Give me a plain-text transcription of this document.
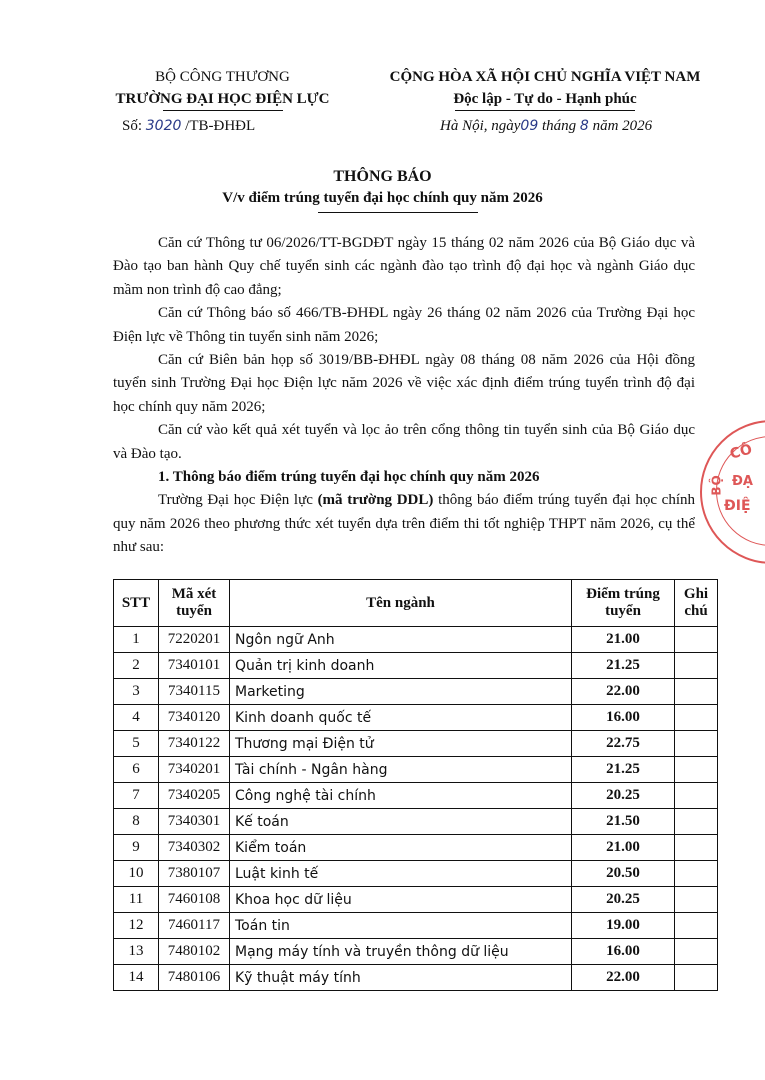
BỘ CÔNG THƯƠNG
TRƯỜNG ĐẠI HỌC ĐIỆN LỰC
CỘNG HÒA XÃ HỘI CHỦ NGHĨA VIỆT NAM
Độc lập - Tự do - Hạnh phúc
Số: 3020 /TB-ĐHĐL	Hà Nội, ngày09 tháng 8 năm 2026
THÔNG BÁO
V/v điểm trúng tuyển đại học chính quy năm 2026

Căn cứ Thông tư 06/2026/TT-BGDĐT ngày 15 tháng 02 năm 2026 của Bộ Giáo dục và Đào tạo ban hành Quy chế tuyển sinh các ngành đào tạo trình độ đại học và ngành Giáo dục mầm non trình độ cao đẳng;

Căn cứ Thông báo số 466/TB-ĐHĐL ngày 26 tháng 02 năm 2026 của Trường Đại học Điện lực về Thông tin tuyển sinh năm 2026;

Căn cứ Biên bản họp số 3019/BB-ĐHĐL ngày 08 tháng 08 năm 2026 của Hội đồng tuyển sinh Trường Đại học Điện lực năm 2026 về việc xác định điểm trúng tuyển trình độ đại học chính quy năm 2026;

Căn cứ vào kết quả xét tuyển và lọc ảo trên cổng thông tin tuyển sinh của Bộ Giáo dục và Đào tạo.

1. Thông báo điểm trúng tuyển đại học chính quy năm 2026

Trường Đại học Điện lực (mã trường DDL) thông báo điểm trúng tuyển đại học chính quy năm 2026 theo phương thức xét tuyển dựa trên điểm thi tốt nghiệp THPT năm 2026, cụ thể như sau:

CÔ
BỘ ĐẠ
ĐIỆ
STT	Mã xét tuyển	Tên ngành	Điểm trúng tuyển	Ghi chú
1	7220201	Ngôn ngữ Anh	21.00	
2	7340101	Quản trị kinh doanh	21.25	
3	7340115	Marketing	22.00	
4	7340120	Kinh doanh quốc tế	16.00	
5	7340122	Thương mại Điện tử	22.75	
6	7340201	Tài chính - Ngân hàng	21.25	
7	7340205	Công nghệ tài chính	20.25	
8	7340301	Kế toán	21.50	
9	7340302	Kiểm toán	21.00	
10	7380107	Luật kinh tế	20.50	
11	7460108	Khoa học dữ liệu	20.25	
12	7460117	Toán tin	19.00	
13	7480102	Mạng máy tính và truyền thông dữ liệu	16.00	
14	7480106	Kỹ thuật máy tính	22.00	
